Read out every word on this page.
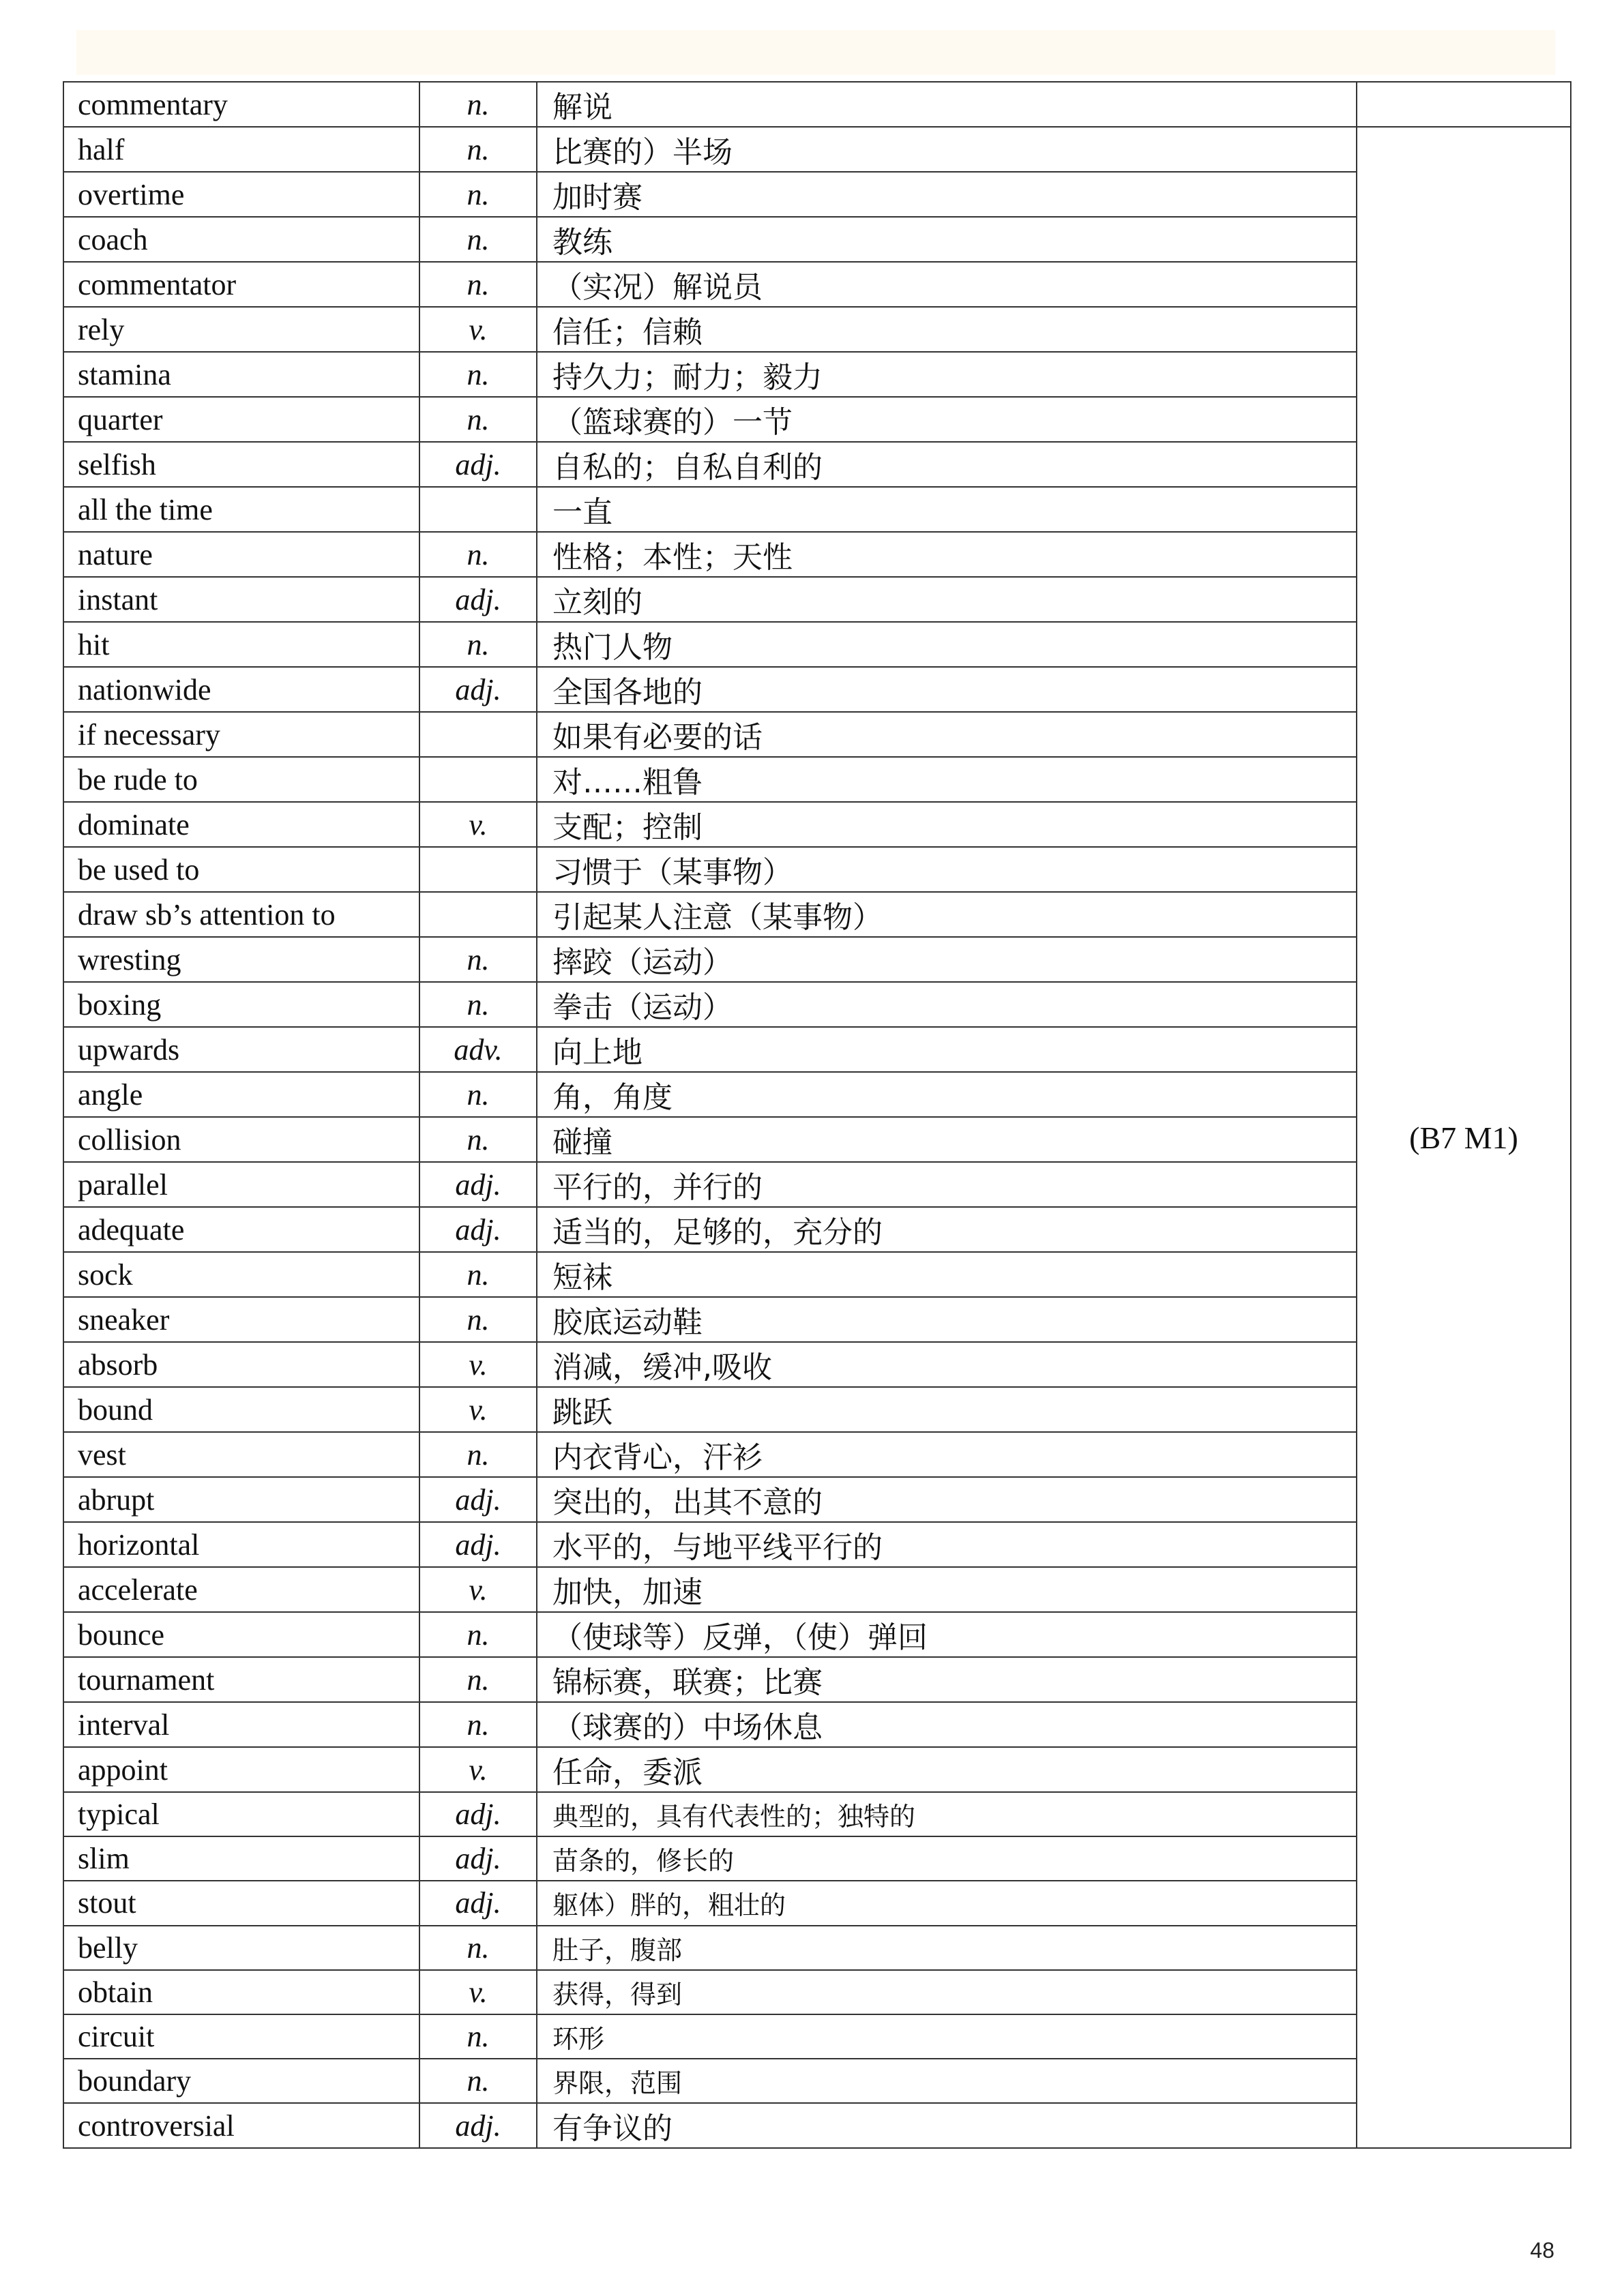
commentary	n.	解说	
half	n.	比赛的）半场	(B7 M1)
overtime	n.	加时赛	
coach	n.	教练	
commentator	n.	（实况）解说员	
rely	v.	信任；信赖	
stamina	n.	持久力；耐力；毅力	
quarter	n.	（篮球赛的）一节	
selfish	adj.	自私的；自私自利的	
all the time		一直	
nature	n.	性格；本性；天性	
instant	adj.	立刻的	
hit	n.	热门人物	
nationwide	adj.	全国各地的	
if necessary		如果有必要的话	
be rude to		对……粗鲁	
dominate	v.	支配；控制	
be used to		习惯于（某事物）	
draw sb’s attention to		引起某人注意（某事物）	
wresting	n.	摔跤（运动）	
boxing	n.	拳击（运动）	
upwards	adv.	向上地	
angle	n.	角，角度	
collision	n.	碰撞	
parallel	adj.	平行的，并行的	
adequate	adj.	适当的，足够的，充分的	
sock	n.	短袜	
sneaker	n.	胶底运动鞋	
absorb	v.	消减，缓冲,吸收	
bound	v.	跳跃	
vest	n.	内衣背心，汗衫	
abrupt	adj.	突出的，出其不意的	
horizontal	adj.	水平的，与地平线平行的	
accelerate	v.	加快，加速	
bounce	n.	（使球等）反弹，（使）弹回	
tournament	n.	锦标赛，联赛；比赛	
interval	n.	（球赛的）中场休息	
appoint	v.	任命，委派	
typical	adj.	典型的，具有代表性的；独特的	
slim	adj.	苗条的，修长的	
stout	adj.	躯体）胖的，粗壮的	
belly	n.	肚子，腹部	
obtain	v.	获得，得到	
circuit	n.	环形	
boundary	n.	界限，范围	
controversial	adj.	有争议的	
48
